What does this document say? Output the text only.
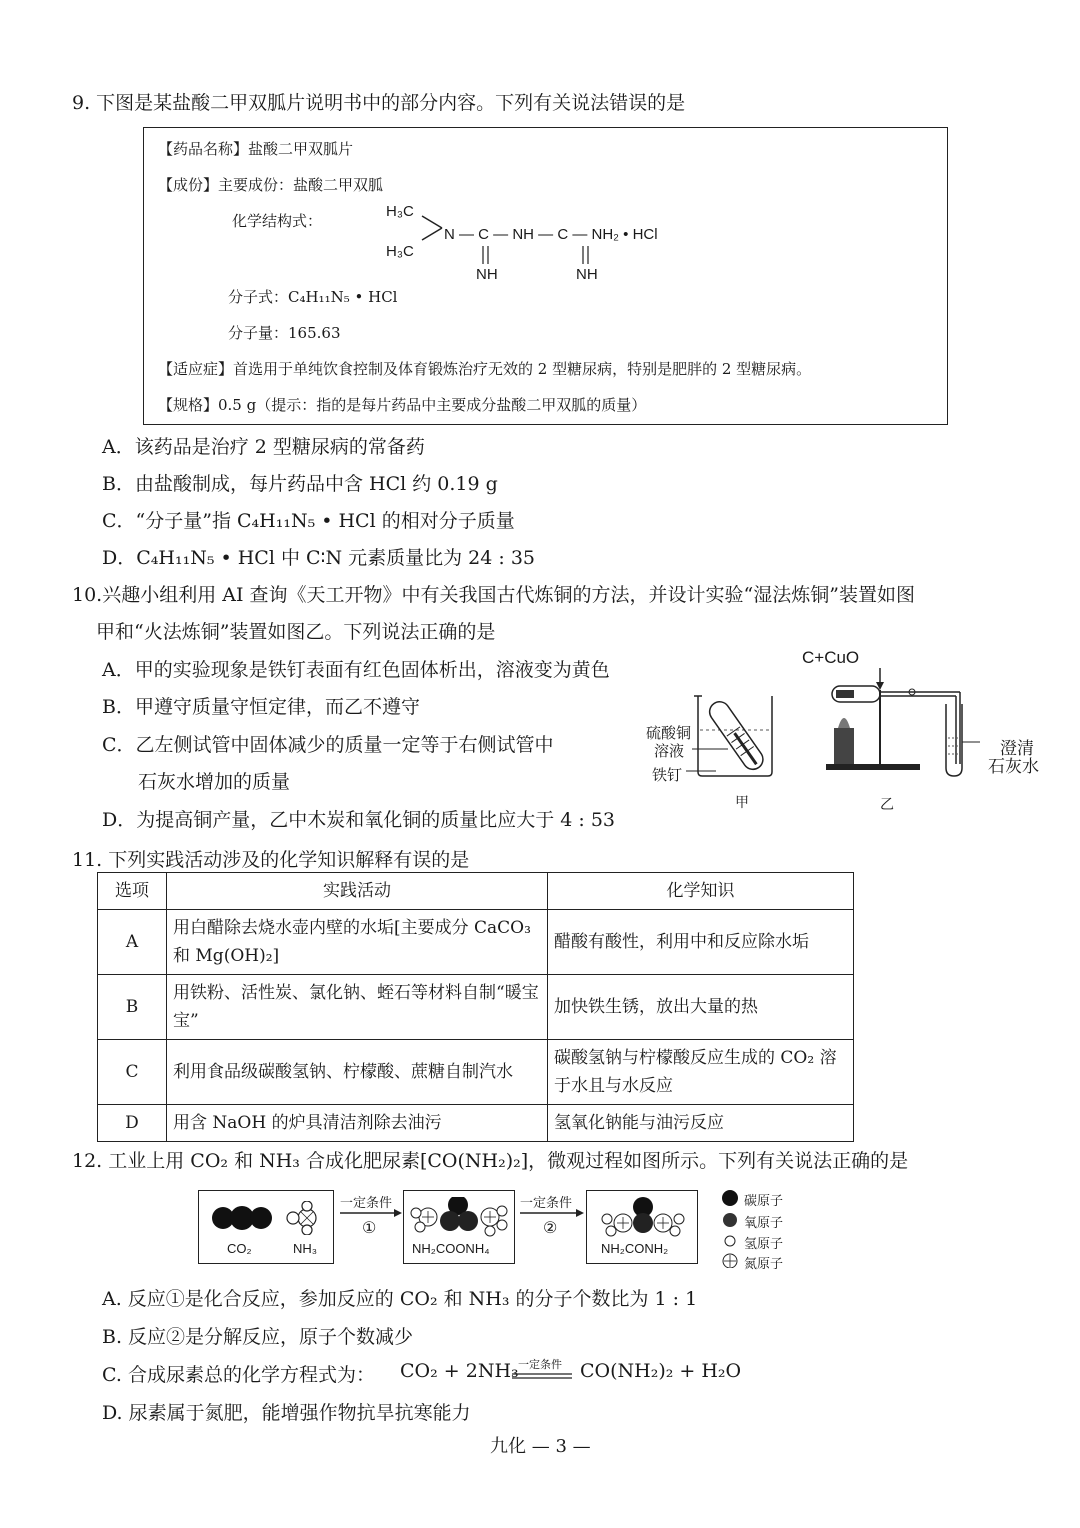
9. 下图是某盐酸二甲双胍片说明书中的部分内容。下列有关说法错误的是
【药品名称】盐酸二甲双胍片
【成份】主要成份：盐酸二甲双胍
化学结构式：
H₃C
H₃C
N — C — NH — C — NH₂ • HCl
NH	NH
分子式：C₄H₁₁N₅ • HCl
分子量：165.63
【适应症】首选用于单纯饮食控制及体育锻炼治疗无效的 2 型糖尿病，特别是肥胖的 2 型糖尿病。
【规格】0.5 g（提示：指的是每片药品中主要成分盐酸二甲双胍的质量）
A．该药品是治疗 2 型糖尿病的常备药
B．由盐酸制成，每片药品中含 HCl 约 0.19 g
C．“分子量”指 C₄H₁₁N₅ • HCl 的相对分子质量
D．C₄H₁₁N₅ • HCl 中 C∶N 元素质量比为 24 : 35
10.兴趣小组利用 AI 查询《天工开物》中有关我国古代炼铜的方法，并设计实验“湿法炼铜”装置如图
甲和“火法炼铜”装置如图乙。下列说法正确的是
A．甲的实验现象是铁钉表面有红色固体析出，溶液变为黄色
B．甲遵守质量守恒定律，而乙不遵守
C．乙左侧试管中固体减少的质量一定等于右侧试管中
石灰水增加的质量
D．为提高铜产量，乙中木炭和氧化铜的质量比应大于 4 : 53
硫酸铜
溶液
铁钉
甲
C+CuO
澄清
石灰水
乙
11. 下列实践活动涉及的化学知识解释有误的是
选项	实践活动	化学知识
A	用白醋除去烧水壶内壁的水垢[主要成分 CaCO₃ 和 Mg(OH)₂]	醋酸有酸性，利用中和反应除水垢
B	用铁粉、活性炭、氯化钠、蛭石等材料自制“暖宝宝”	加快铁生锈，放出大量的热
C	利用食品级碳酸氢钠、柠檬酸、蔗糖自制汽水	碳酸氢钠与柠檬酸反应生成的 CO₂ 溶于水且与水反应
D	用含 NaOH 的炉具清洁剂除去油污	氢氧化钠能与油污反应
12. 工业上用 CO₂ 和 NH₃ 合成化肥尿素[CO(NH₂)₂]，微观过程如图所示。下列有关说法正确的是
CO₂	NH₃
一定条件
①
NH₂COONH₄
一定条件
②
NH₂CONH₂
碳原子
氧原子
氢原子
氮原子
A. 反应①是化合反应，参加反应的 CO₂ 和 NH₃ 的分子个数比为 1 : 1
B. 反应②是分解反应，原子个数减少
C. 合成尿素总的化学方程式为： CO₂ + 2NH₃ 一定条件 CO(NH₂)₂ + H₂O
D. 尿素属于氮肥，能增强作物抗旱抗寒能力
九化 — 3 —
